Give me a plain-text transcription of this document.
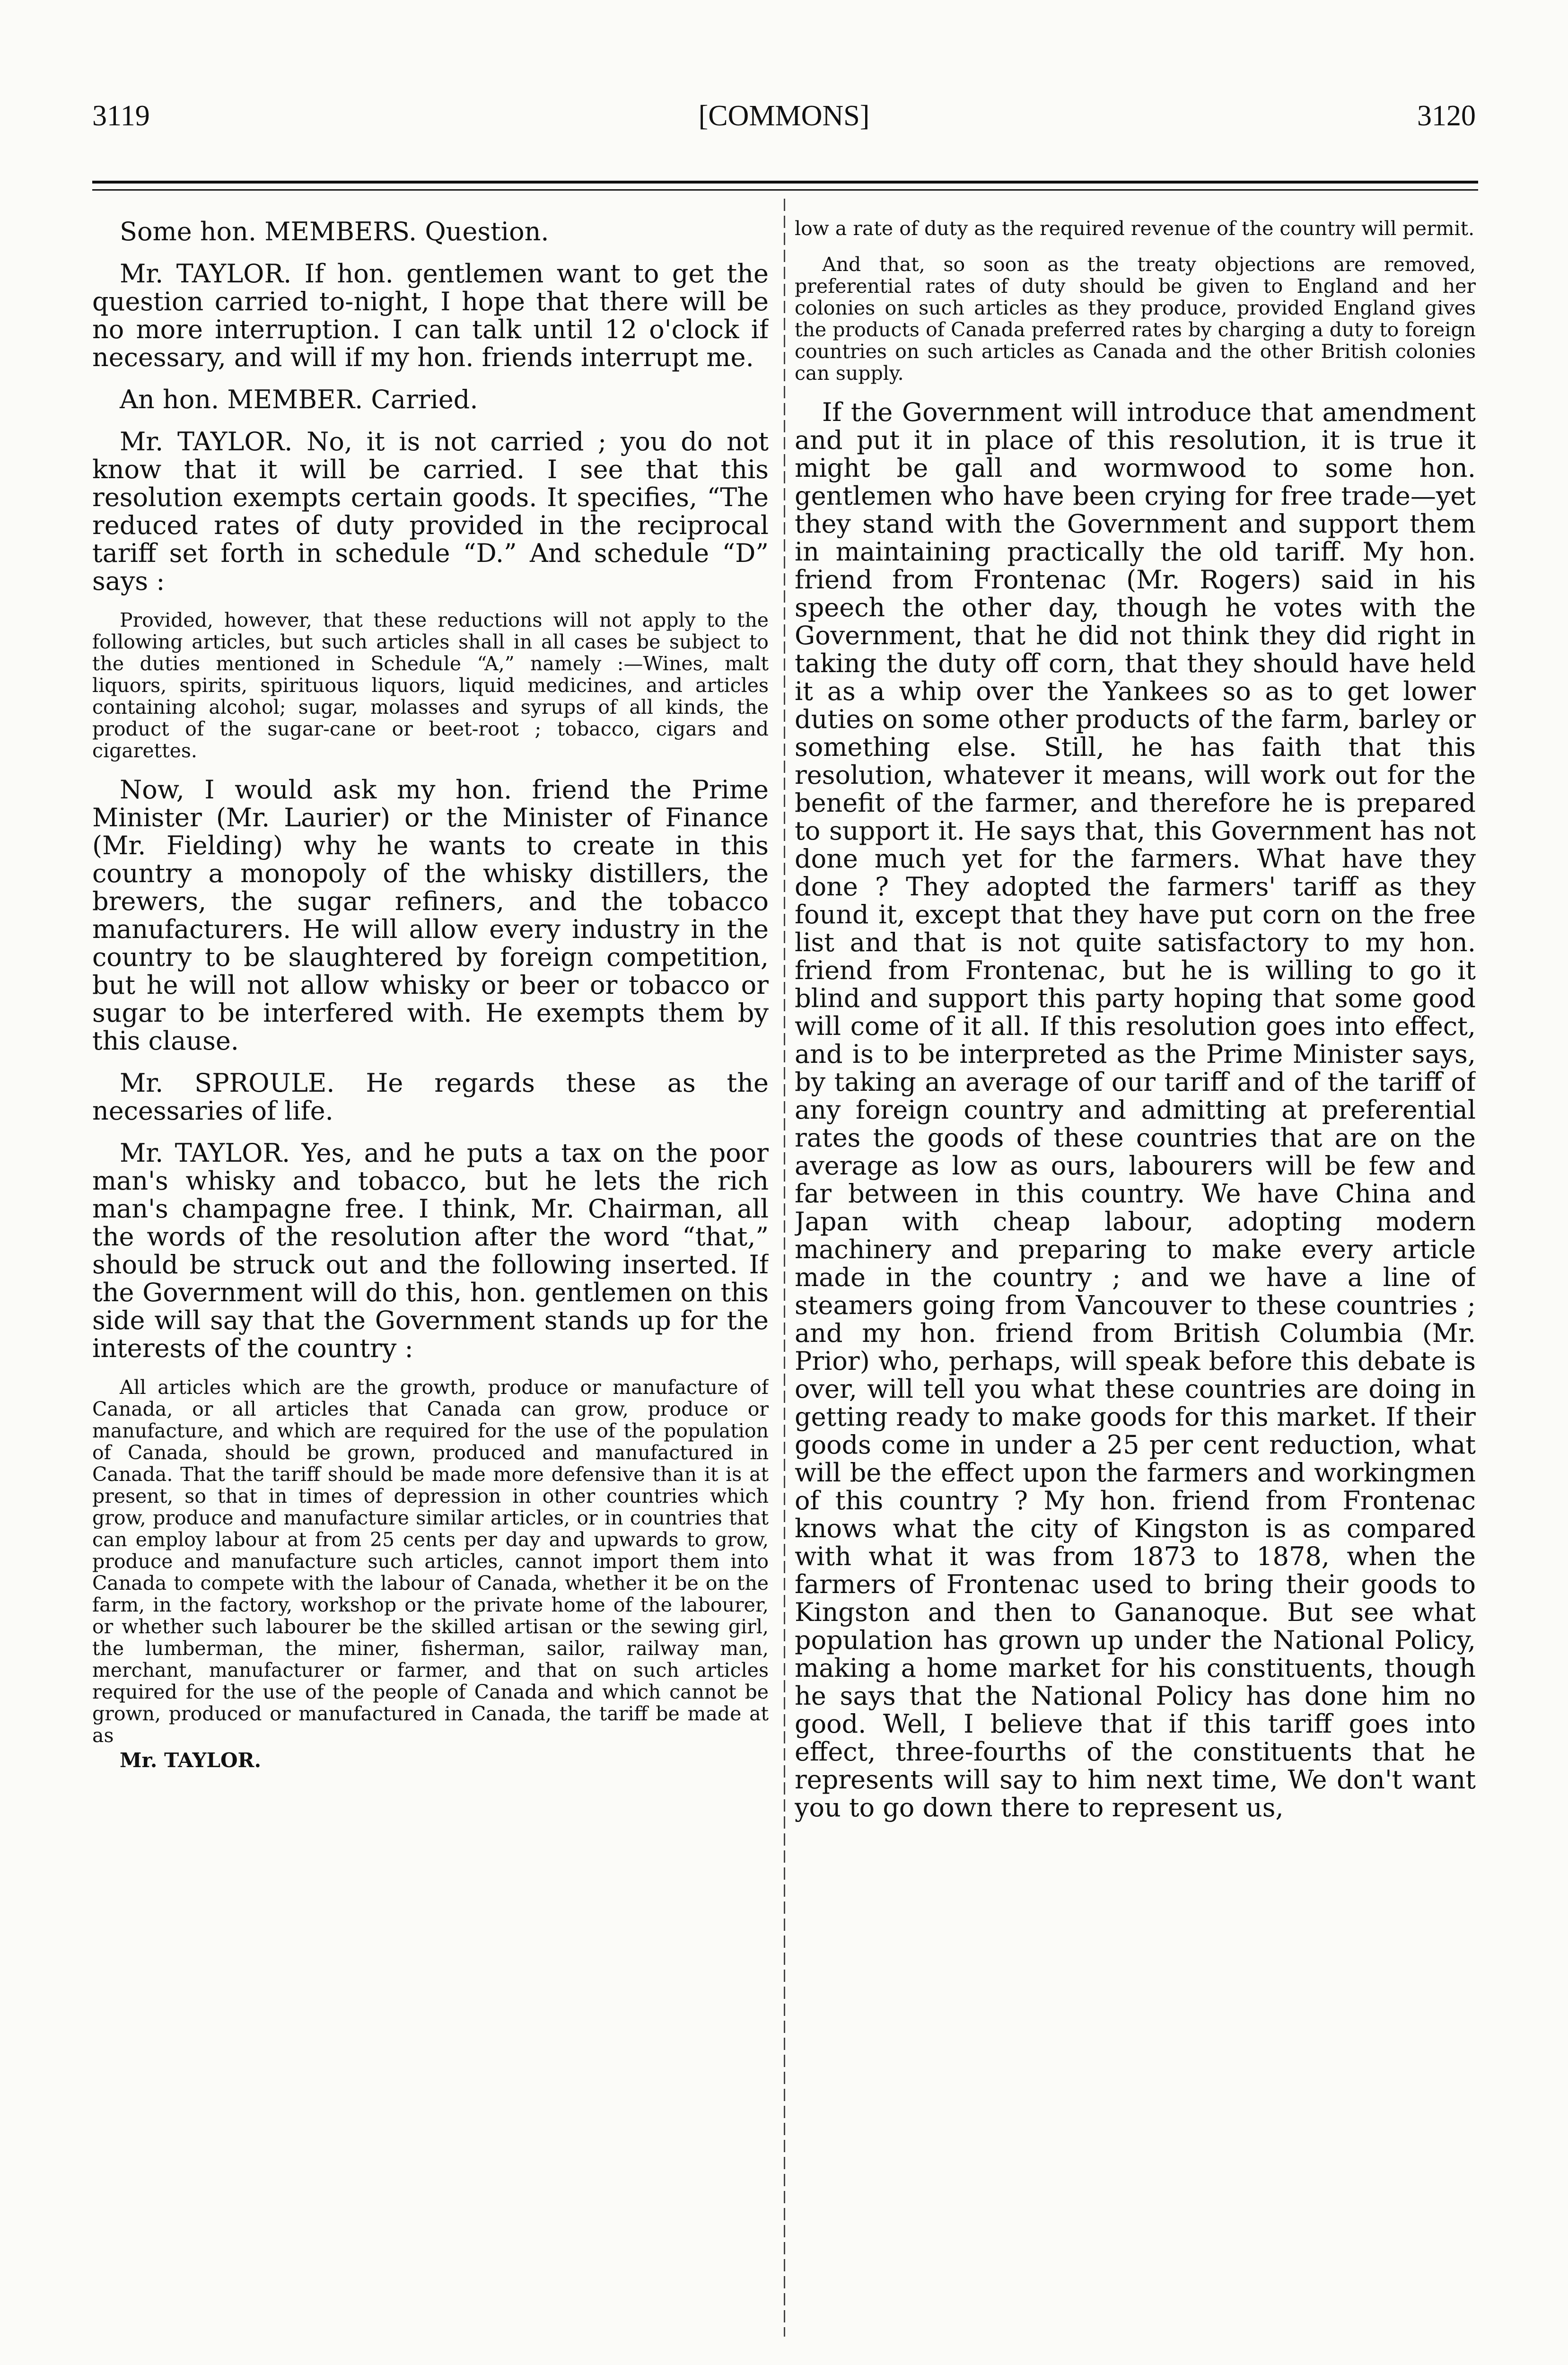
3119	[COMMONS]	3120

Some hon. MEMBERS. Question.

Mr. TAYLOR. If hon. gentlemen want to get the question carried to-night, I hope that there will be no more interruption. I can talk until 12 o'clock if necessary, and will if my hon. friends interrupt me.

An hon. MEMBER. Carried.

Mr. TAYLOR. No, it is not carried ; you do not know that it will be carried. I see that this resolution exempts certain goods. It specifies, “The reduced rates of duty provided in the reciprocal tariff set forth in schedule “D.” And schedule “D” says :

Provided, however, that these reductions will not apply to the following articles, but such articles shall in all cases be subject to the duties mentioned in Schedule “A,” namely :—Wines, malt liquors, spirits, spirituous liquors, liquid medicines, and articles containing alcohol; sugar, molasses and syrups of all kinds, the product of the sugar-cane or beet-root ; tobacco, cigars and cigarettes.

Now, I would ask my hon. friend the Prime Minister (Mr. Laurier) or the Minister of Finance (Mr. Fielding) why he wants to create in this country a monopoly of the whisky distillers, the brewers, the sugar refiners, and the tobacco manufacturers. He will allow every industry in the country to be slaughtered by foreign competition, but he will not allow whisky or beer or tobacco or sugar to be interfered with. He exempts them by this clause.

Mr. SPROULE. He regards these as the necessaries of life.

Mr. TAYLOR. Yes, and he puts a tax on the poor man's whisky and tobacco, but he lets the rich man's champagne free. I think, Mr. Chairman, all the words of the resolution after the word “that,” should be struck out and the following inserted. If the Government will do this, hon. gentlemen on this side will say that the Government stands up for the interests of the country :

All articles which are the growth, produce or manufacture of Canada, or all articles that Canada can grow, produce or manufacture, and which are required for the use of the population of Canada, should be grown, produced and manufactured in Canada. That the tariff should be made more defensive than it is at present, so that in times of depression in other countries which grow, produce and manufacture similar articles, or in countries that can employ labour at from 25 cents per day and upwards to grow, produce and manufacture such articles, cannot import them into Canada to compete with the labour of Canada, whether it be on the farm, in the factory, workshop or the private home of the labourer, or whether such labourer be the skilled artisan or the sewing girl, the lumberman, the miner, fisherman, sailor, railway man, merchant, manufacturer or farmer, and that on such articles required for the use of the people of Canada and which cannot be grown, produced or manufactured in Canada, the tariff be made at as

Mr. TAYLOR.

low a rate of duty as the required revenue of the country will permit.

And that, so soon as the treaty objections are removed, preferential rates of duty should be given to England and her colonies on such articles as they produce, provided England gives the products of Canada preferred rates by charging a duty to foreign countries on such articles as Canada and the other British colonies can supply.

If the Government will introduce that amendment and put it in place of this resolution, it is true it might be gall and wormwood to some hon. gentlemen who have been crying for free trade—yet they stand with the Government and support them in maintaining practically the old tariff. My hon. friend from Frontenac (Mr. Rogers) said in his speech the other day, though he votes with the Government, that he did not think they did right in taking the duty off corn, that they should have held it as a whip over the Yankees so as to get lower duties on some other products of the farm, barley or something else. Still, he has faith that this resolution, whatever it means, will work out for the benefit of the farmer, and therefore he is prepared to support it. He says that, this Government has not done much yet for the farmers. What have they done ? They adopted the farmers' tariff as they found it, except that they have put corn on the free list and that is not quite satisfactory to my hon. friend from Frontenac, but he is willing to go it blind and support this party hoping that some good will come of it all. If this resolution goes into effect, and is to be interpreted as the Prime Minister says, by taking an average of our tariff and of the tariff of any foreign country and admitting at preferential rates the goods of these countries that are on the average as low as ours, labourers will be few and far between in this country. We have China and Japan with cheap labour, adopting modern machinery and preparing to make every article made in the country ; and we have a line of steamers going from Vancouver to these countries ; and my hon. friend from British Columbia (Mr. Prior) who, perhaps, will speak before this debate is over, will tell you what these countries are doing in getting ready to make goods for this market. If their goods come in under a 25 per cent reduction, what will be the effect upon the farmers and workingmen of this country ? My hon. friend from Frontenac knows what the city of Kingston is as compared with what it was from 1873 to 1878, when the farmers of Frontenac used to bring their goods to Kingston and then to Gananoque. But see what population has grown up under the National Policy, making a home market for his constituents, though he says that the National Policy has done him no good. Well, I believe that if this tariff goes into effect, three-fourths of the constituents that he represents will say to him next time, We don't want you to go down there to represent us,
